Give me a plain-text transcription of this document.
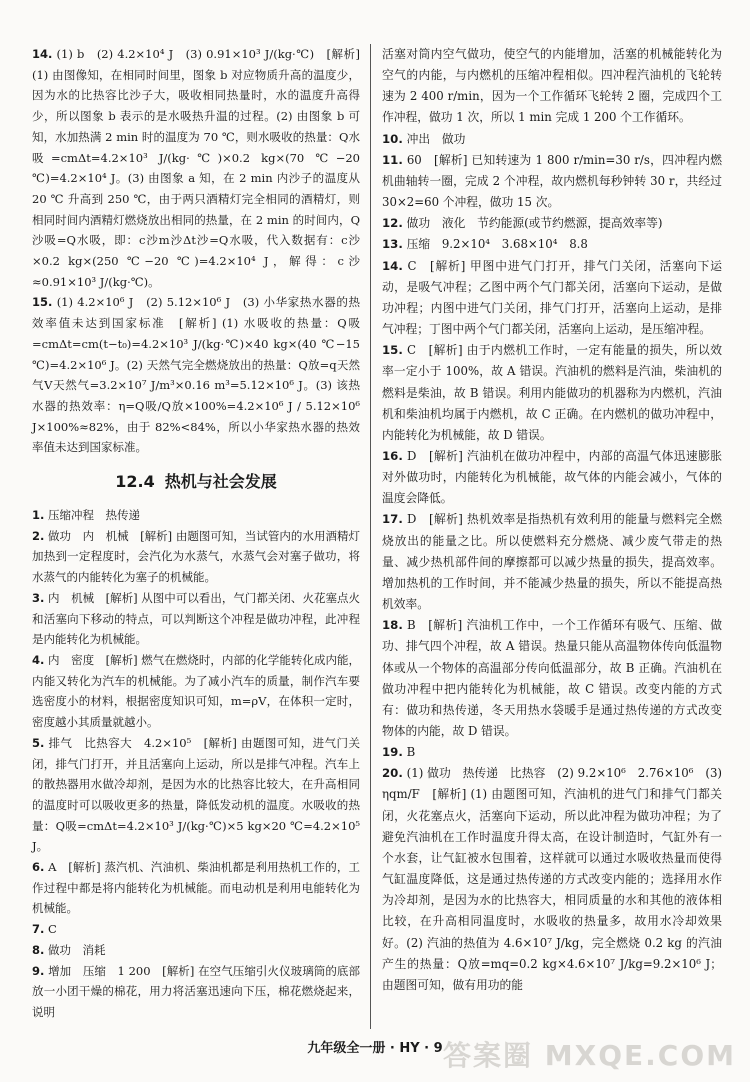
14. (1) b　(2) 4.2×10⁴ J　(3) 0.91×10³ J/(kg·℃)　[解析] (1) 由图像知，在相同时间里，图象 b 对应物质升高的温度少，因为水的比热容比沙子大，吸收相同热量时，水的温度升高得少，所以图象 b 表示的是水吸热升温的过程。(2) 由图象 b 可知，水加热满 2 min 时的温度为 70 ℃，则水吸收的热量：Q水吸=cmΔt=4.2×10³ J/(kg·℃)×0.2 kg×(70 ℃−20 ℃)=4.2×10⁴ J。(3) 由图象 a 知，在 2 min 内沙子的温度从 20 ℃ 升高到 250 ℃，由于两只酒精灯完全相同的酒精灯，则相同时间内酒精灯燃烧放出相同的热量，在 2 min 的时间内，Q沙吸=Q水吸，即：c沙m沙Δt沙=Q水吸，代入数据有：c沙×0.2 kg×(250 ℃−20 ℃)=4.2×10⁴ J，解得：c沙≈0.91×10³ J/(kg·℃)。

15. (1) 4.2×10⁶ J　(2) 5.12×10⁶ J　(3) 小华家热水器的热效率值未达到国家标准　[解析] (1) 水吸收的热量：Q吸=cmΔt=cm(t−t₀)=4.2×10³ J/(kg·℃)×40 kg×(40 ℃−15 ℃)=4.2×10⁶ J。(2) 天然气完全燃烧放出的热量：Q放=q天然气V天然气=3.2×10⁷ J/m³×0.16 m³=5.12×10⁶ J。(3) 该热水器的热效率：η=Q吸/Q放×100%=4.2×10⁶ J / 5.12×10⁶ J×100%≈82%，由于 82%<84%，所以小华家热水器的热效率值未达到国家标准。

12.4 热机与社会发展

1. 压缩冲程　热传递

2. 做功　内　机械　[解析] 由题图可知，当试管内的水用酒精灯加热到一定程度时，会汽化为水蒸气，水蒸气会对塞子做功，将水蒸气的内能转化为塞子的机械能。

3. 内　机械　[解析] 从图中可以看出，气门都关闭、火花塞点火和活塞向下移动的特点，可以判断这个冲程是做功冲程，此冲程是内能转化为机械能。

4. 内　密度　[解析] 燃气在燃烧时，内部的化学能转化成内能，内能又转化为汽车的机械能。为了减小汽车的质量，制作汽车要选密度小的材料，根据密度知识可知，m=ρV，在体积一定时，密度越小其质量就越小。

5. 排气　比热容大　4.2×10⁵　[解析] 由题图可知，进气门关闭，排气门打开，并且活塞向上运动，所以是排气冲程。汽车上的散热器用水做冷却剂，是因为水的比热容比较大，在升高相同的温度时可以吸收更多的热量，降低发动机的温度。水吸收的热量：Q吸=cmΔt=4.2×10³ J/(kg·℃)×5 kg×20 ℃=4.2×10⁵ J。

6. A　[解析] 蒸汽机、汽油机、柴油机都是利用热机工作的，工作过程中都是将内能转化为机械能。而电动机是利用电能转化为机械能。

7. C

8. 做功　消耗

9. 增加　压缩　1 200　[解析] 在空气压缩引火仪玻璃筒的底部放一小团干燥的棉花，用力将活塞迅速向下压，棉花燃烧起来，说明

活塞对筒内空气做功，使空气的内能增加，活塞的机械能转化为空气的内能，与内燃机的压缩冲程相似。四冲程汽油机的飞轮转速为 2 400 r/min，因为一个工作循环飞轮转 2 圈，完成四个工作冲程，做功 1 次，所以 1 min 完成 1 200 个工作循环。

10. 冲出　做功

11. 60　[解析] 已知转速为 1 800 r/min=30 r/s，四冲程内燃机曲轴转一圈，完成 2 个冲程，故内燃机每秒钟转 30 r，共经过 30×2=60 个冲程，做功 15 次。

12. 做功　液化　节约能源(或节约燃源，提高效率等)

13. 压缩　9.2×10⁴　3.68×10⁴　8.8

14. C　[解析] 甲图中进气门打开，排气门关闭，活塞向下运动，是吸气冲程；乙图中两个气门都关闭，活塞向下运动，是做功冲程；内图中进气门关闭，排气门打开，活塞向上运动，是排气冲程；丁图中两个气门都关闭，活塞向上运动，是压缩冲程。

15. C　[解析] 由于内燃机工作时，一定有能量的损失，所以效率一定小于 100%，故 A 错误。汽油机的燃料是汽油，柴油机的燃料是柴油，故 B 错误。利用内能做功的机器称为内燃机，汽油机和柴油机均属于内燃机，故 C 正确。在内燃机的做功冲程中，内能转化为机械能，故 D 错误。

16. D　[解析] 汽油机在做功冲程中，内部的高温气体迅速膨胀对外做功时，内能转化为机械能，故气体的内能会减小，气体的温度会降低。

17. D　[解析] 热机效率是指热机有效利用的能量与燃料完全燃烧放出的能量之比。所以使燃料充分燃烧、减少废气带走的热量、减少热机部件间的摩擦都可以减少热量的损失，提高效率。增加热机的工作时间，并不能减少热量的损失，所以不能提高热机效率。

18. B　[解析] 汽油机工作中，一个工作循环有吸气、压缩、做功、排气四个冲程，故 A 错误。热量只能从高温物体传向低温物体或从一个物体的高温部分传向低温部分，故 B 正确。汽油机在做功冲程中把内能转化为机械能，故 C 错误。改变内能的方式有：做功和热传递，冬天用热水袋暖手是通过热传递的方式改变物体的内能，故 D 错误。

19. B

20. (1) 做功　热传递　比热容　(2) 9.2×10⁶　2.76×10⁶　(3) ηqm/F　[解析] (1) 由题图可知，汽油机的进气门和排气门都关闭，火花塞点火，活塞向下运动，所以此冲程为做功冲程；为了避免汽油机在工作时温度升得太高，在设计制造时，气缸外有一个水套，让气缸被水包围着，这样就可以通过水吸收热量而使得气缸温度降低，这是通过热传递的方式改变内能的；选择用水作为冷却剂，是因为水的比热容大，相同质量的水和其他的液体相比较，在升高相同温度时，水吸收的热量多，故用水冷却效果好。(2) 汽油的热值为 4.6×10⁷ J/kg，完全燃烧 0.2 kg 的汽油产生的热量：Q放=mq=0.2 kg×4.6×10⁷ J/kg=9.2×10⁶ J；由题图可知，做有用功的能

九年级全一册 · HY · 9 答案圈 MXQE.COM
